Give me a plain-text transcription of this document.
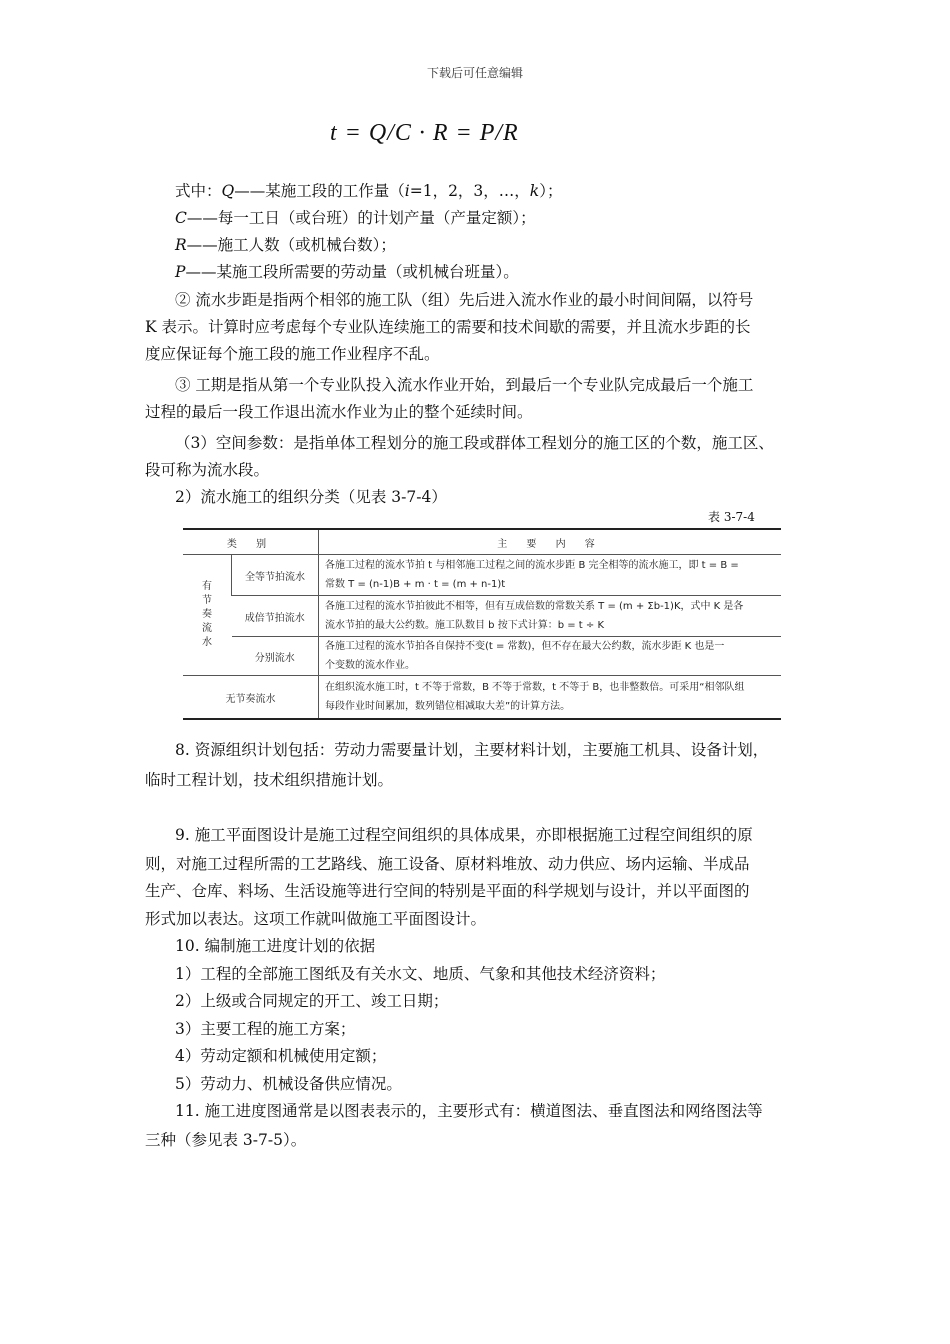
下载后可任意编辑
t = Q/C · R = P/R
式中：Q——某施工段的工作量（i=1，2，3，…，k）；
C——每一工日（或台班）的计划产量（产量定额）；
R——施工人数（或机械台数）；
P——某施工段所需要的劳动量（或机械台班量）。
② 流水步距是指两个相邻的施工队（组）先后进入流水作业的最小时间间隔，以符号
K 表示。计算时应考虑每个专业队连续施工的需要和技术间歇的需要，并且流水步距的长
度应保证每个施工段的施工作业程序不乱。
③ 工期是指从第一个专业队投入流水作业开始，到最后一个专业队完成最后一个施工
过程的最后一段工作退出流水作业为止的整个延续时间。
（3）空间参数：是指单体工程划分的施工段或群体工程划分的施工区的个数，施工区、
段可称为流水段。
2）流水施工的组织分类（见表 3-7-4）
表 3-7-4
类 别		主 要 内 容
有节奏流水	全等节拍流水	各施工过程的流水节拍 t 与相邻施工过程之间的流水步距 B 完全相等的流水施工，即 t = B =
常数 T = (n-1)B + m · t = (m + n-1)t

	成倍节拍流水	各施工过程的流水节拍彼此不相等，但有互成倍数的常数关系 T = (m + Σb-1)K，式中 K 是各
流水节拍的最大公约数。施工队数目 b 按下式计算：b = t ÷ K

	分别流水	各施工过程的流水节拍各自保持不变(t = 常数)，但不存在最大公约数，流水步距 K 也是一
个变数的流水作业。

无节奏流水		在组织流水施工时，t 不等于常数，B 不等于常数，t 不等于 B，也非整数倍。可采用“相邻队组
每段作业时间累加，数列错位相减取大差”的计算方法。
8. 资源组织计划包括：劳动力需要量计划，主要材料计划，主要施工机具、设备计划，
临时工程计划，技术组织措施计划。
9. 施工平面图设计是施工过程空间组织的具体成果，亦即根据施工过程空间组织的原
则，对施工过程所需的工艺路线、施工设备、原材料堆放、动力供应、场内运输、半成品
生产、仓库、料场、生活设施等进行空间的特别是平面的科学规划与设计，并以平面图的
形式加以表达。这项工作就叫做施工平面图设计。
10. 编制施工进度计划的依据
1）工程的全部施工图纸及有关水文、地质、气象和其他技术经济资料；
2）上级或合同规定的开工、竣工日期；
3）主要工程的施工方案；
4）劳动定额和机械使用定额；
5）劳动力、机械设备供应情况。
11. 施工进度图通常是以图表表示的，主要形式有：横道图法、垂直图法和网络图法等
三种（参见表 3-7-5）。
